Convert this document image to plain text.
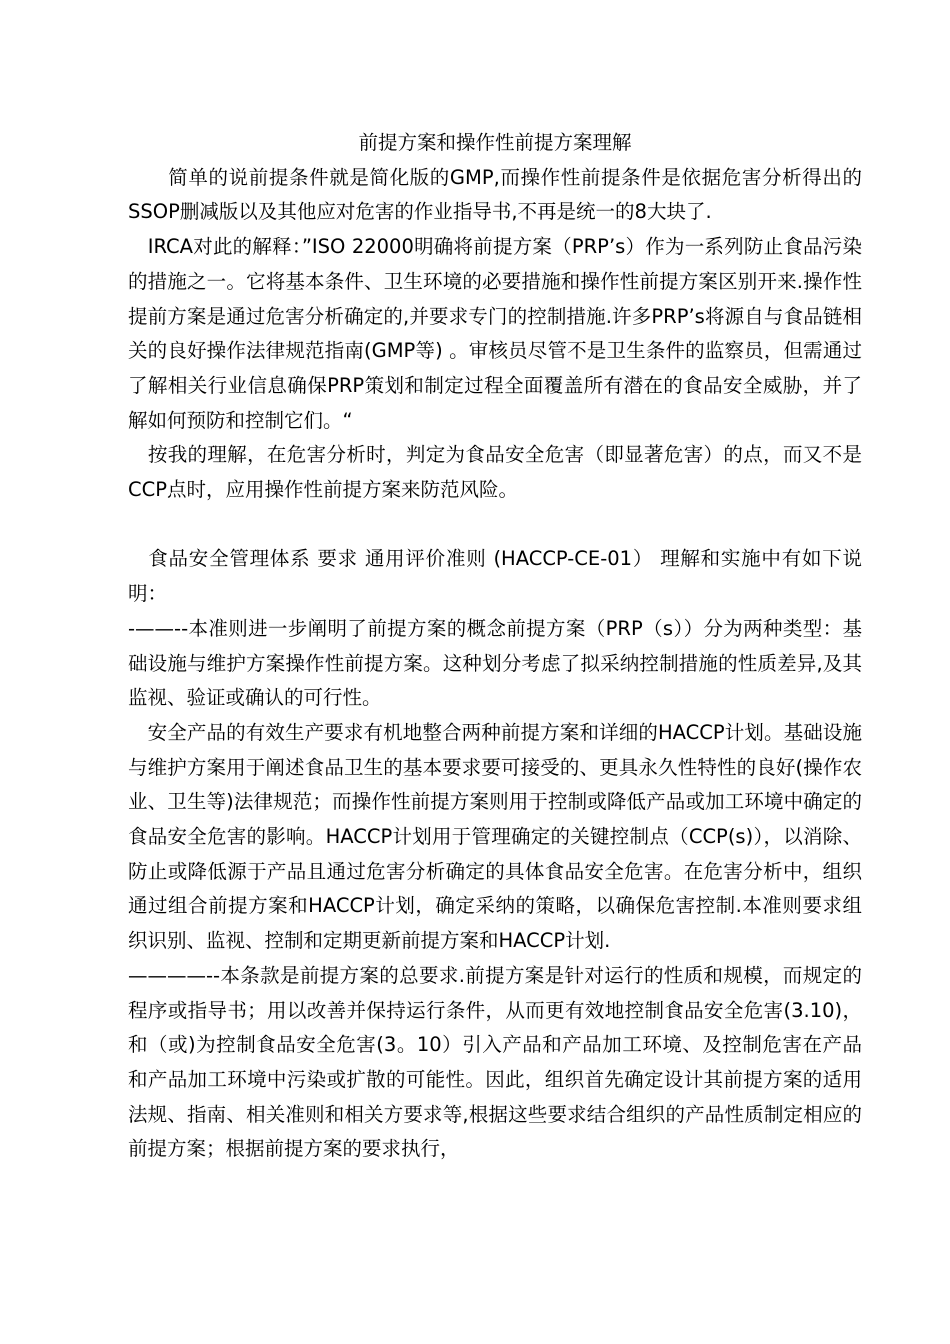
前提方案和操作性前提方案理解

　　简单的说前提条件就是简化版的GMP,而操作性前提条件是依据危害分析得出的SSOP删减版以及其他应对危害的作业指导书,不再是统一的8大块了.

　IRCA对此的解释：”ISO 22000明确将前提方案（PRP’s）作为一系列防止食品污染的措施之一。它将基本条件、卫生环境的必要措施和操作性前提方案区别开来.操作性提前方案是通过危害分析确定的,并要求专门的控制措施.许多PRP’s将源自与食品链相关的良好操作法律规范指南(GMP等) 。审核员尽管不是卫生条件的监察员，但需通过了解相关行业信息确保PRP策划和制定过程全面覆盖所有潜在的食品安全威胁，并了解如何预防和控制它们。“

　按我的理解，在危害分析时，判定为食品安全危害（即显著危害）的点，而又不是CCP点时，应用操作性前提方案来防范风险。

　食品安全管理体系 要求 通用评价准则 (HACCP-CE-01） 理解和实施中有如下说明：

-——--本准则进一步阐明了前提方案的概念前提方案（PRP（s））分为两种类型：基础设施与维护方案操作性前提方案。这种划分考虑了拟采纳控制措施的性质差异,及其监视、验证或确认的可行性。

　安全产品的有效生产要求有机地整合两种前提方案和详细的HACCP计划。基础设施与维护方案用于阐述食品卫生的基本要求要可接受的、更具永久性特性的良好(操作农业、卫生等)法律规范；而操作性前提方案则用于控制或降低产品或加工环境中确定的食品安全危害的影响。HACCP计划用于管理确定的关键控制点（CCP(s)），以消除、防止或降低源于产品且通过危害分析确定的具体食品安全危害。在危害分析中，组织通过组合前提方案和HACCP计划，确定采纳的策略，以确保危害控制.本准则要求组织识别、监视、控制和定期更新前提方案和HACCP计划.

————--本条款是前提方案的总要求.前提方案是针对运行的性质和规模，而规定的程序或指导书；用以改善并保持运行条件，从而更有效地控制食品安全危害(3.10)，和（或)为控制食品安全危害(3。10）引入产品和产品加工环境、及控制危害在产品和产品加工环境中污染或扩散的可能性。因此，组织首先确定设计其前提方案的适用法规、指南、相关准则和相关方要求等,根据这些要求结合组织的产品性质制定相应的前提方案；根据前提方案的要求执行，
